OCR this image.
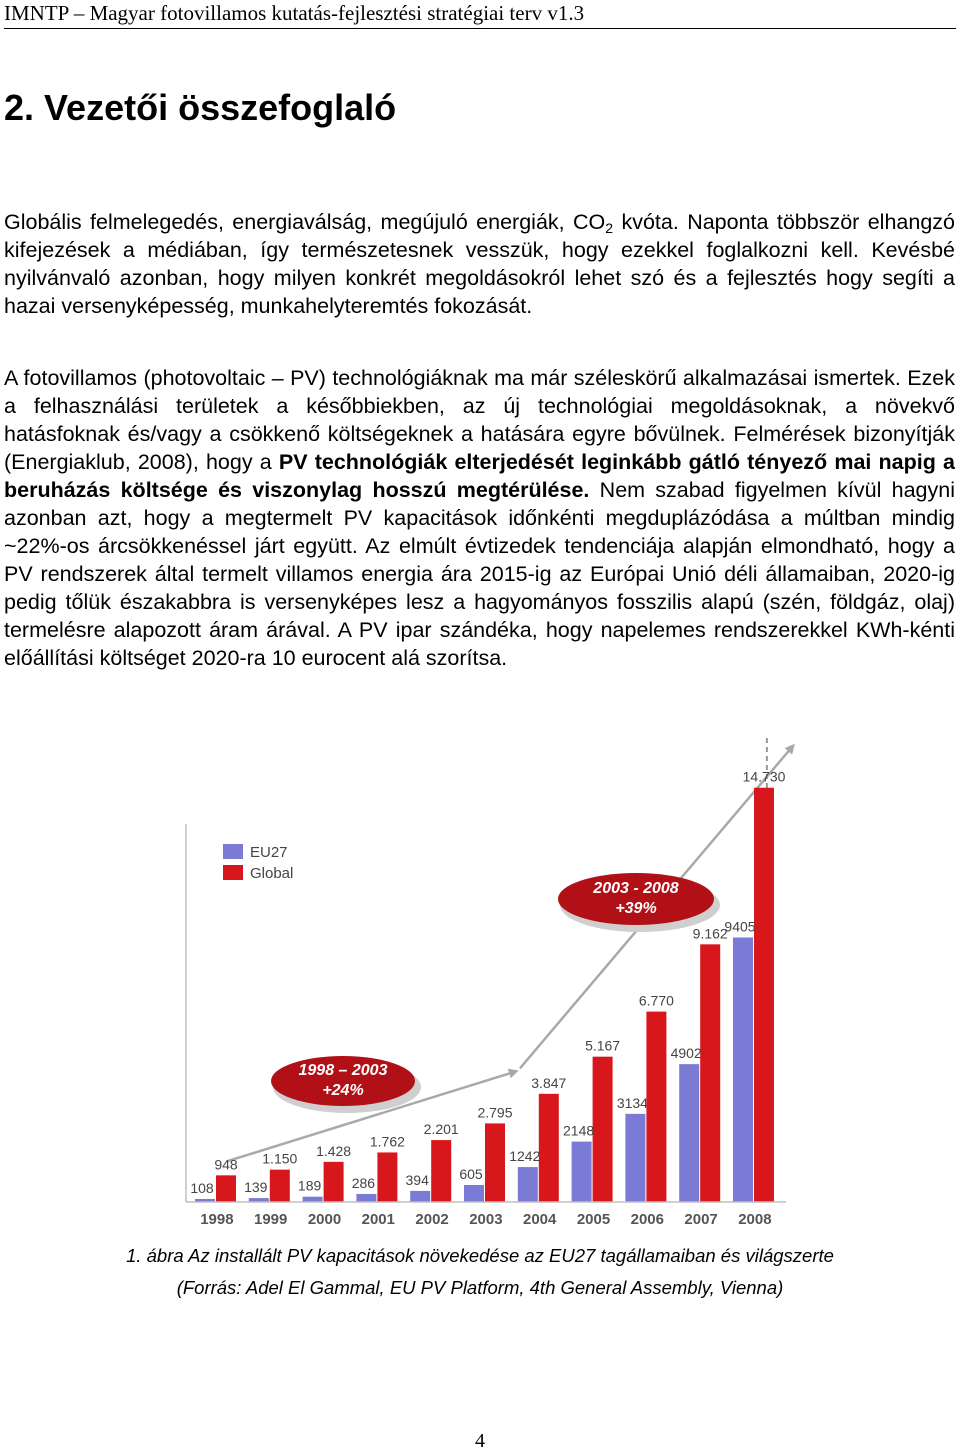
IMNTP – Magyar fotovillamos kutatás-fejlesztési stratégiai terv v1.3
2. Vezetői összefoglaló

Globális felmelegedés, energiaválság, megújuló energiák, $CO_2$ kvóta. Naponta többször elhangzó kifejezések a médiában, így természetesnek vesszük, hogy ezekkel foglalkozni kell. Kevésbé nyilvánvaló azonban, hogy milyen konkrét megoldásokról lehet szó és a fejlesztés hogy segíti a hazai versenyképesség, munkahelyteremtés fokozását.

A fotovillamos (photovoltaic – PV) technológiáknak ma már széleskörű alkalmazásai ismertek. Ezek a felhasználási területek a későbbiekben, az új technológiai megoldásoknak, a növekvő hatásfoknak és/vagy a csökkenő költségeknek a hatására egyre bővülnek. Felmérések bizonyítják (Energiaklub, 2008), hogy a PV technológiák elterjedését leginkább gátló tényező mai napig a beruházás költsége és viszonylag hosszú megtérülése. Nem szabad figyelmen kívül hagyni azonban azt, hogy a megtermelt PV kapacitások időnkénti megduplázódása a múltban mindig ~22%-os árcsökkenéssel járt együtt. Az elmúlt évtizedek tendenciája alapján elmondható, hogy a PV rendszerek által termelt villamos energia ára 2015-ig az Európai Unió déli államaiban, 2020-ig pedig tőlük északabbra is versenyképes lesz a hagyományos fosszilis alapú (szén, földgáz, olaj) termelésre alapozott áram árával. A PV ipar szándéka, hogy napelemes rendszerekkel KWh-kénti előállítási költséget 2020-ra 10 eurocent alá szorítsa.

108
948
139
1.150
189
1.428
286
1.762
394
2.201
605
2.795
1242
3.847
2148
5.167
3134
6.770
4902
9.162
9405
14.730
1998 1999 2000 2001 2002 2003 2004 2005 2006 2007 2008
EU27
Global
1998 – 2003
+24%
2003 - 2008
+39%

1. ábra Az installált PV kapacitások növekedése az EU27 tagállamaiban és világszerte

(Forrás: Adel El Gammal, EU PV Platform, 4th General Assembly, Vienna)

4
